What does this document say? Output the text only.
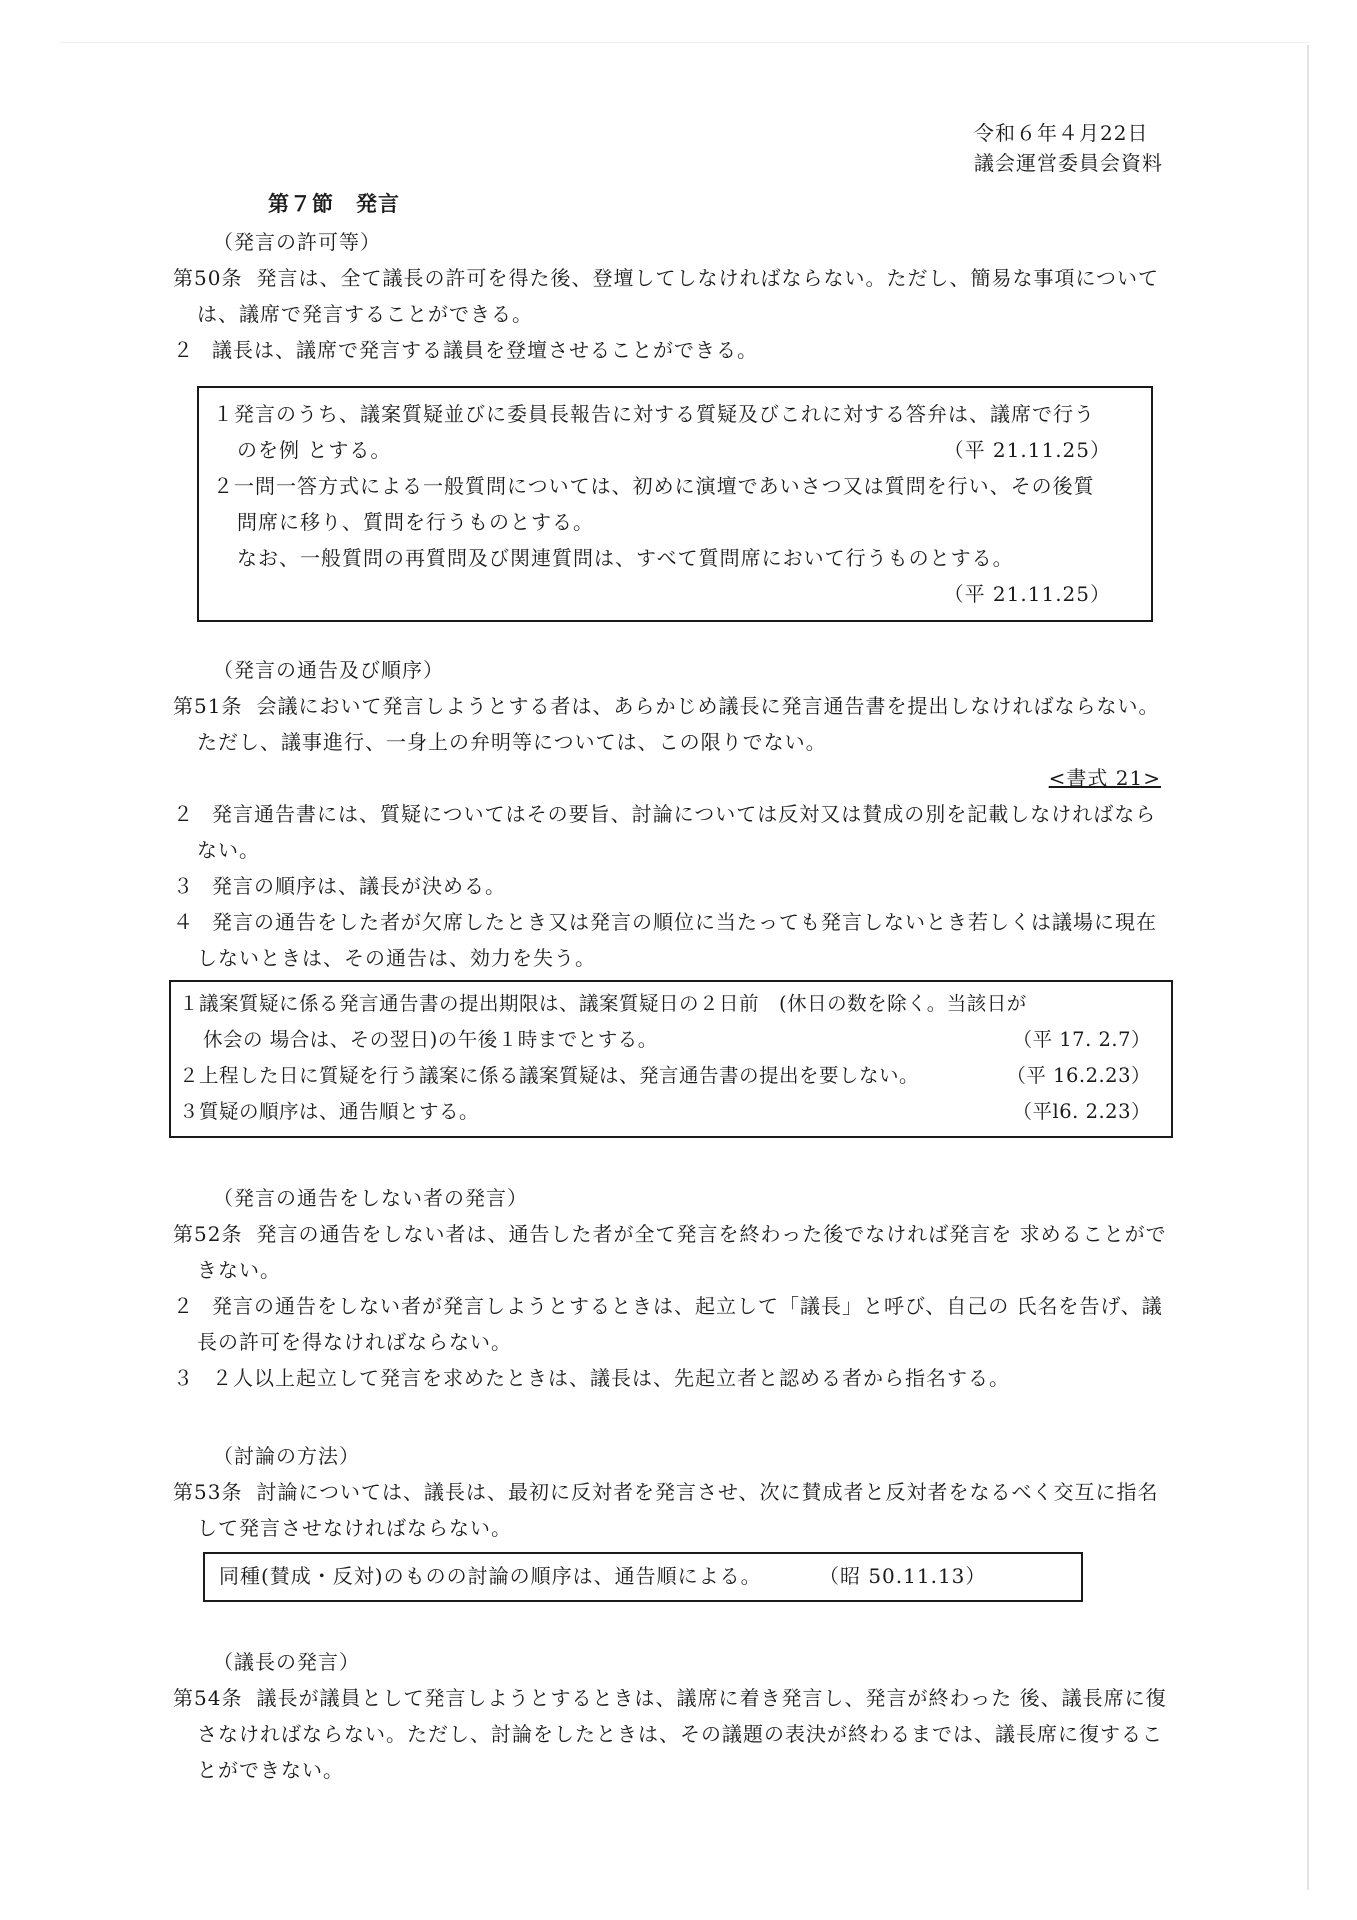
令和６年４月22日
議会運営委員会資料
第７節　発言
（発言の許可等）
第50条 発言は、全て議長の許可を得た後、登壇してしなければならない。ただし、簡易な事項については、議席で発言することができる。
２ 議長は、議席で発言する議員を登壇させることができる。
１発言のうち、議案質疑並びに委員長報告に対する質疑及びこれに対する答弁は、議席で行うのを例 とする。	（平 21.11.25）
２一問一答方式による一般質問については、初めに演壇であいさつ又は質問を行い、その後質問席に移り、質問を行うものとする。
なお、一般質問の再質問及び関連質問は、すべて質問席において行うものとする。
（平 21.11.25）
（発言の通告及び順序）
第51条 会議において発言しようとする者は、あらかじめ議長に発言通告書を提出しなければならない。ただし、議事進行、一身上の弁明等については、この限りでない。
<書式 21>
２ 発言通告書には、質疑についてはその要旨、討論については反対又は賛成の別を記載しなければならない。
３ 発言の順序は、議長が決める。
４ 発言の通告をした者が欠席したとき又は発言の順位に当たっても発言しないとき若しくは議場に現在しないときは、その通告は、効力を失う。
１議案質疑に係る発言通告書の提出期限は、議案質疑日の２日前　(休日の数を除く。当該日が
休会の 場合は、その翌日)の午後１時までとする。	（平 17. 2.7）
２上程した日に質疑を行う議案に係る議案質疑は、発言通告書の提出を要しない。	（平 16.2.23）
３質疑の順序は、通告順とする。	（平l6. 2.23）
（発言の通告をしない者の発言）
第52条 発言の通告をしない者は、通告した者が全て発言を終わった後でなければ発言を 求めることができない。
２ 発言の通告をしない者が発言しようとするときは、起立して「議長」と呼び、自己の 氏名を告げ、議長の許可を得なければならない。
３ ２人以上起立して発言を求めたときは、議長は、先起立者と認める者から指名する。
（討論の方法）
第53条 討論については、議長は、最初に反対者を発言させ、次に賛成者と反対者をなるべく交互に指名して発言させなければならない。
同種(賛成・反対)のものの討論の順序は、通告順による。	（昭 50.11.13）
（議長の発言）
第54条 議長が議員として発言しようとするときは、議席に着き発言し、発言が終わった 後、議長席に復さなければならない。ただし、討論をしたときは、その議題の表決が終わるまでは、議長席に復することができない。
